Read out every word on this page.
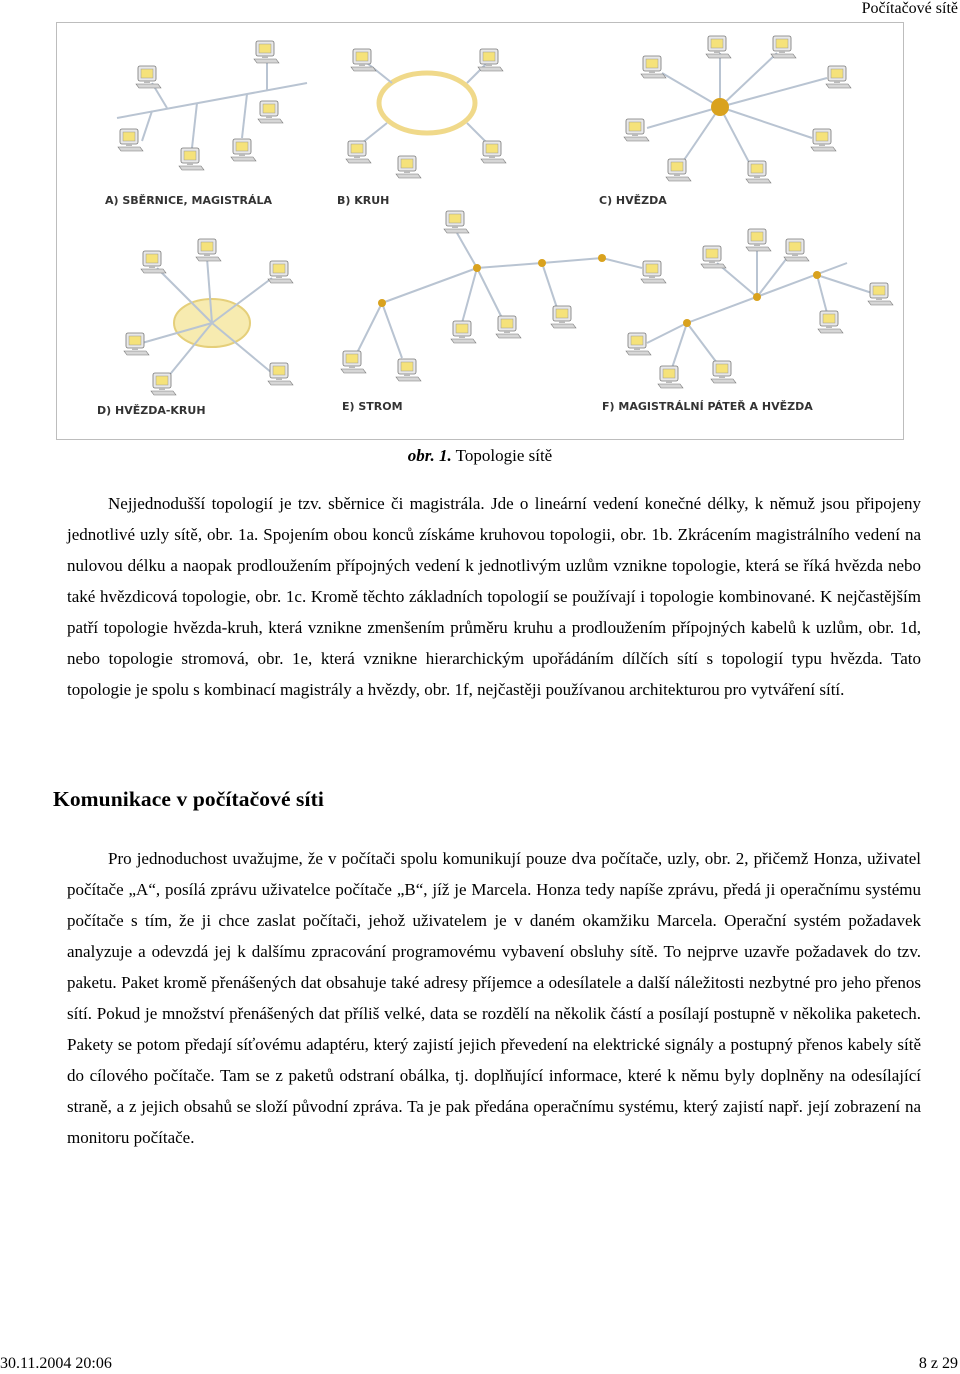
Počítačové sítě
A) SBĚRNICE, MAGISTRÁLA	B) KRUH	C) HVĚZDA
D) HVĚZDA-KRUH	E) STROM	F) MAGISTRÁLNÍ PÁTEŘ A HVĚZDA
obr. 1. Topologie sítě
Nejjednodušší topologií je tzv. sběrnice či magistrála. Jde o lineární vedení konečné délky, k němuž jsou připojeny jednotlivé uzly sítě, obr. 1a. Spojením obou konců získáme kruhovou topologii, obr. 1b. Zkrácením magistrálního vedení na nulovou délku a naopak prodloužením přípojných vedení k jednotlivým uzlům vznikne topologie, která se říká hvězda nebo také hvězdicová topologie, obr. 1c. Kromě těchto základních topologií se používají i topologie kombinované. K nejčastějším patří topologie hvězda-kruh, která vznikne zmenšením průměru kruhu a prodloužením přípojných kabelů k uzlům, obr. 1d, nebo topologie stromová, obr. 1e, která vznikne hierarchickým upořádáním dílčích sítí s topologií typu hvězda. Tato topologie je spolu s kombinací magistrály a hvězdy, obr. 1f, nejčastěji používanou architekturou pro vytváření sítí.
Komunikace v počítačové síti
Pro jednoduchost uvažujme, že v počítači spolu komunikují pouze dva počítače, uzly, obr. 2, přičemž Honza, uživatel počítače „A“, posílá zprávu uživatelce počítače „B“, jíž je Marcela. Honza tedy napíše zprávu, předá ji operačnímu systému počítače s tím, že ji chce zaslat počítači, jehož uživatelem je v daném okamžiku Marcela. Operační systém požadavek analyzuje a odevzdá jej k dalšímu zpracování programovému vybavení obsluhy sítě. To nejprve uzavře požadavek do tzv. paketu. Paket kromě přenášených dat obsahuje také adresy příjemce a odesílatele a další náležitosti nezbytné pro jeho přenos sítí. Pokud je množství přenášených dat příliš velké, data se rozdělí na několik částí a posílají postupně v několika paketech. Pakety se potom předají síťovému adaptéru, který zajistí jejich převedení na elektrické signály a postupný přenos kabely sítě do cílového počítače. Tam se z paketů odstraní obálka, tj. doplňující informace, které k němu byly doplněny na odesílající straně, a z jejich obsahů se složí původní zpráva. Ta je pak předána operačnímu systému, který zajistí např. její zobrazení na monitoru počítače.
30.11.2004 20:06	8 z 29
